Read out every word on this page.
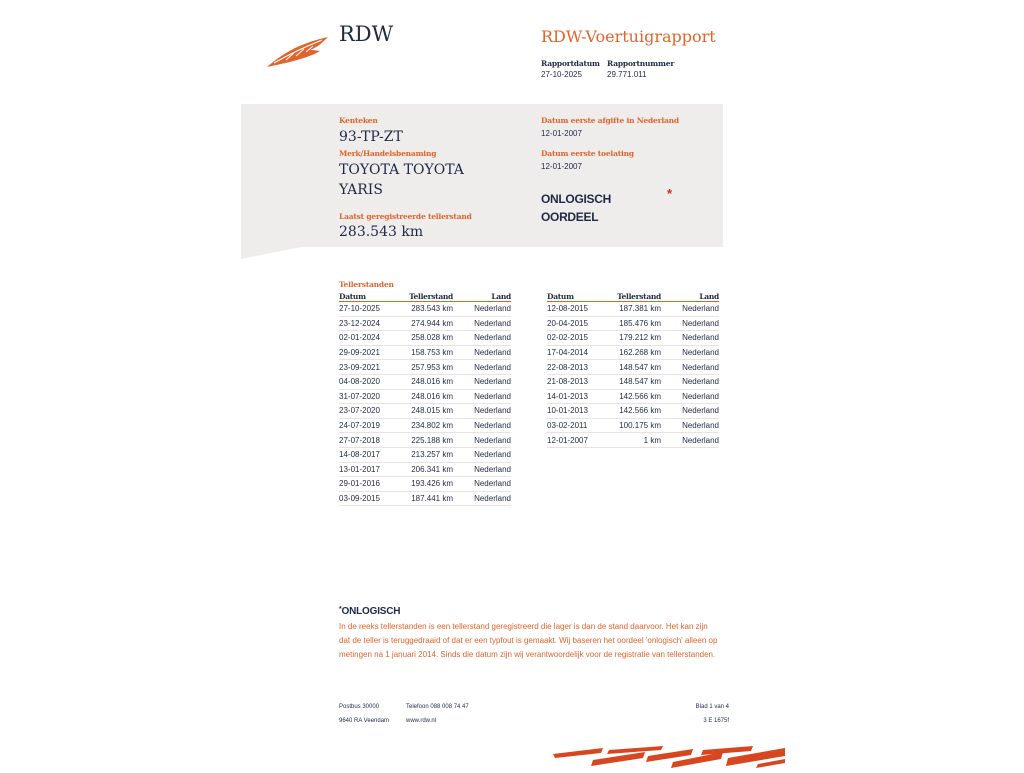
RDW	RDW-Voertuigrapport
Rapportdatum
27-10-2025
Rapportnummer
29.771.011
Kenteken
93-TP-ZT
Merk/Handelsbenaming
TOYOTA TOYOTA
YARIS
Laatst geregistreerde tellerstand
283.543 km
Datum eerste afgifte in Nederland
12-01-2007
Datum eerste toelating
12-01-2007
ONLOGISCH
OORDEEL
*
Tellerstanden
Datum	Tellerstand	Land
27-10-2025	283.543 km	Nederland
23-12-2024	274.944 km	Nederland
02-01-2024	258.028 km	Nederland
29-09-2021	158.753 km	Nederland
23-09-2021	257.953 km	Nederland
04-08-2020	248.016 km	Nederland
31-07-2020	248.016 km	Nederland
23-07-2020	248.015 km	Nederland
24-07-2019	234.802 km	Nederland
27-07-2018	225.188 km	Nederland
14-08-2017	213.257 km	Nederland
13-01-2017	206.341 km	Nederland
29-01-2016	193.426 km	Nederland
03-09-2015	187.441 km	Nederland
Datum	Tellerstand	Land
12-08-2015	187.381 km	Nederland
20-04-2015	185.476 km	Nederland
02-02-2015	179.212 km	Nederland
17-04-2014	162.268 km	Nederland
22-08-2013	148.547 km	Nederland
21-08-2013	148.547 km	Nederland
14-01-2013	142.566 km	Nederland
10-01-2013	142.566 km	Nederland
03-02-2011	100.175 km	Nederland
12-01-2007	1 km	Nederland
*ONLOGISCH
In de reeks tellerstanden is een tellerstand geregistreerd die lager is dan de stand daarvoor. Het kan zijn
dat de teller is teruggedraaid of dat er een typfout is gemaakt. Wij baseren het oordeel 'onlogisch' alleen op
metingen na 1 januari 2014. Sinds die datum zijn wij verantwoordelijk voor de registratie van tellerstanden.
Postbus 30000
9640 RA Veendam
Telefoon 088 008 74 47
www.rdw.nl
Blad 1 van 4
3 E 1675f
